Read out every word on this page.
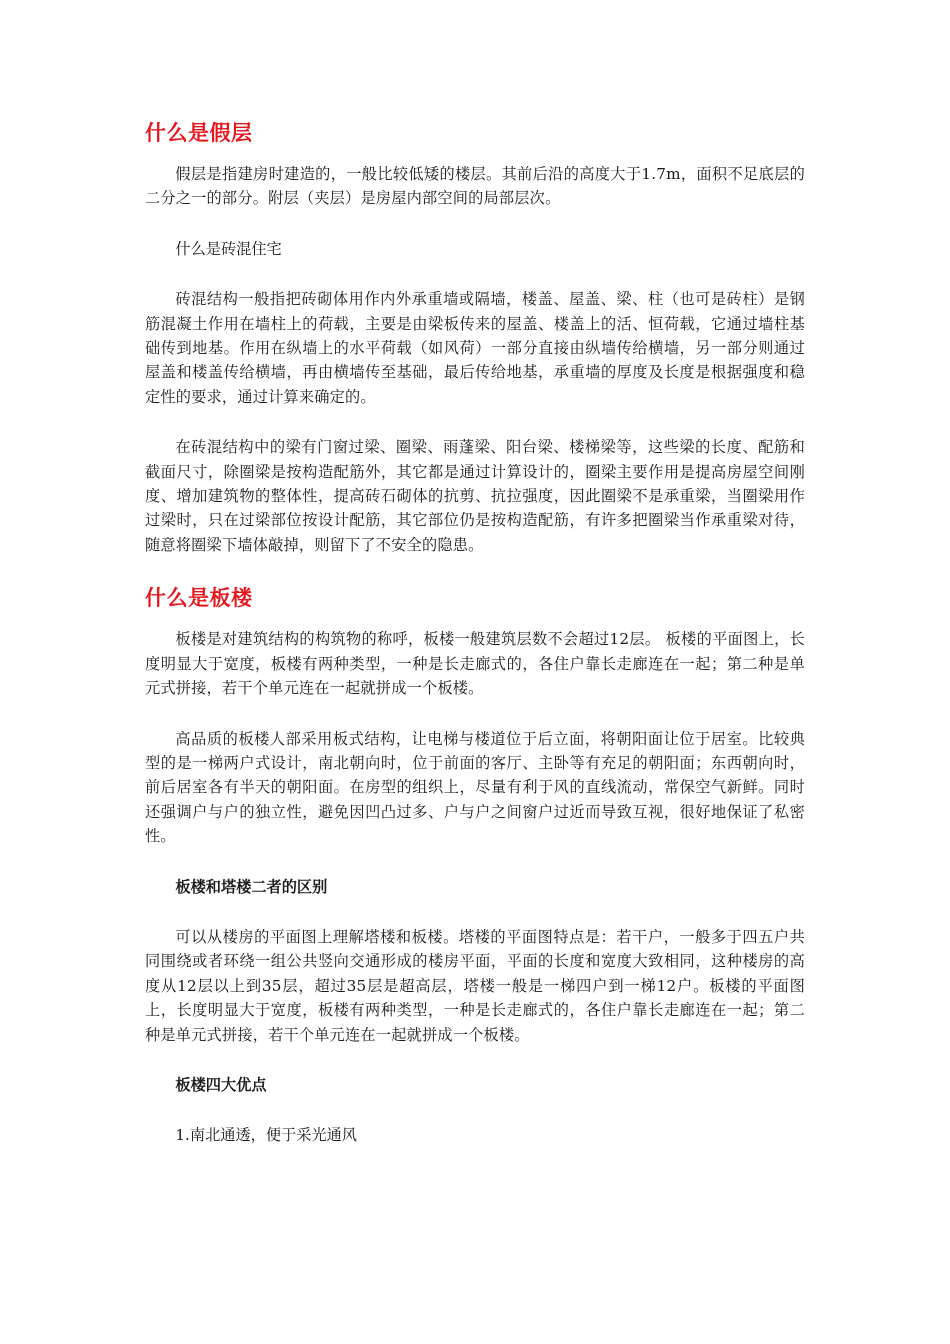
什么是假层

假层是指建房时建造的，一般比较低矮的楼层。其前后沿的高度大于1.7m，面积不足底层的二分之一的部分。附层（夹层）是房屋内部空间的局部层次。

什么是砖混住宅

砖混结构一般指把砖砌体用作内外承重墙或隔墙，楼盖、屋盖、梁、柱（也可是砖柱）是钢筋混凝土作用在墙柱上的荷载，主要是由梁板传来的屋盖、楼盖上的活、恒荷载，它通过墙柱基础传到地基。作用在纵墙上的水平荷载（如风荷）一部分直接由纵墙传给横墙，另一部分则通过屋盖和楼盖传给横墙，再由横墙传至基础，最后传给地基，承重墙的厚度及长度是根据强度和稳定性的要求，通过计算来确定的。

在砖混结构中的梁有门窗过梁、圈梁、雨蓬梁、阳台梁、楼梯梁等，这些梁的长度、配筋和截面尺寸，除圈梁是按构造配筋外，其它都是通过计算设计的，圈梁主要作用是提高房屋空间刚度、增加建筑物的整体性，提高砖石砌体的抗剪、抗拉强度，因此圈梁不是承重梁，当圈梁用作过梁时，只在过梁部位按设计配筋，其它部位仍是按构造配筋，有许多把圈梁当作承重梁对待，随意将圈梁下墙体敲掉，则留下了不安全的隐患。

什么是板楼

板楼是对建筑结构的构筑物的称呼，板楼一般建筑层数不会超过12层。 板楼的平面图上，长度明显大于宽度，板楼有两种类型，一种是长走廊式的，各住户靠长走廊连在一起；第二种是单元式拼接，若干个单元连在一起就拼成一个板楼。

高品质的板楼人部采用板式结构，让电梯与楼道位于后立面，将朝阳面让位于居室。比较典型的是一梯两户式设计，南北朝向时，位于前面的客厅、主卧等有充足的朝阳面；东西朝向时，前后居室各有半天的朝阳面。在房型的组织上，尽量有利于风的直线流动，常保空气新鲜。同时还强调户与户的独立性，避免因凹凸过多、户与户之间窗户过近而导致互视，很好地保证了私密性。

板楼和塔楼二者的区别

可以从楼房的平面图上理解塔楼和板楼。塔楼的平面图特点是：若干户，一般多于四五户共同围绕或者环绕一组公共竖向交通形成的楼房平面，平面的长度和宽度大致相同，这种楼房的高度从12层以上到35层，超过35层是超高层，塔楼一般是一梯四户到一梯12户。板楼的平面图上，长度明显大于宽度，板楼有两种类型，一种是长走廊式的，各住户靠长走廊连在一起；第二种是单元式拼接，若干个单元连在一起就拼成一个板楼。

板楼四大优点

1.南北通透，便于采光通风
